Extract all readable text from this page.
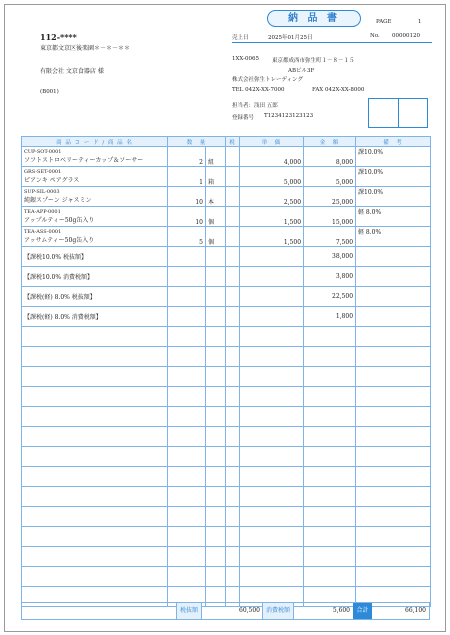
納 品 書	PAGE	1
112-****
東京都文京区後楽園＊－＊－＊＊
有限会社 文京食器店 様
(B001)
売上日	2025年01月25日	No. 00000120
1XX-0065 東京都成西市弥生町１－８－１５
ABビル3F
株式会社弥生トレーディング
TEL 042X-XX-7000	FAX 042X-XX-8000
担当者：浅田 五郎
登録番号 T1234123123123
商 品 コ ー ド / 商 品 名	数　量		税	単　価	金　額	備　考

CUP-SOT-0001
ソフトストロベリーティーカップ＆ソーサー	2	組		4,000	8,000	課10.0%

GRS-SET-0001
ピアンキ ペアグラス	1	箱		5,000	5,000	課10.0%

SUP-SIL-0003
純銀スプーン ジャスミン	10	本		2,500	25,000	課10.0%

TEA-APP-0001
アップルティー50g缶入り	10	個		1,500	15,000	軽 8.0%

TEA-ASS-0001
アッサムティー50g缶入り	5	個		1,500	7,500	軽 8.0%
【課税10.0% 税抜額】					38,000	
【課税10.0% 消費税額】					3,800	
【課税(軽) 8.0% 税抜額】					22,500	
【課税(軽) 8.0% 消費税額】					1,800	

税抜額	60,500 消費税額	5,600	合計	66,100
